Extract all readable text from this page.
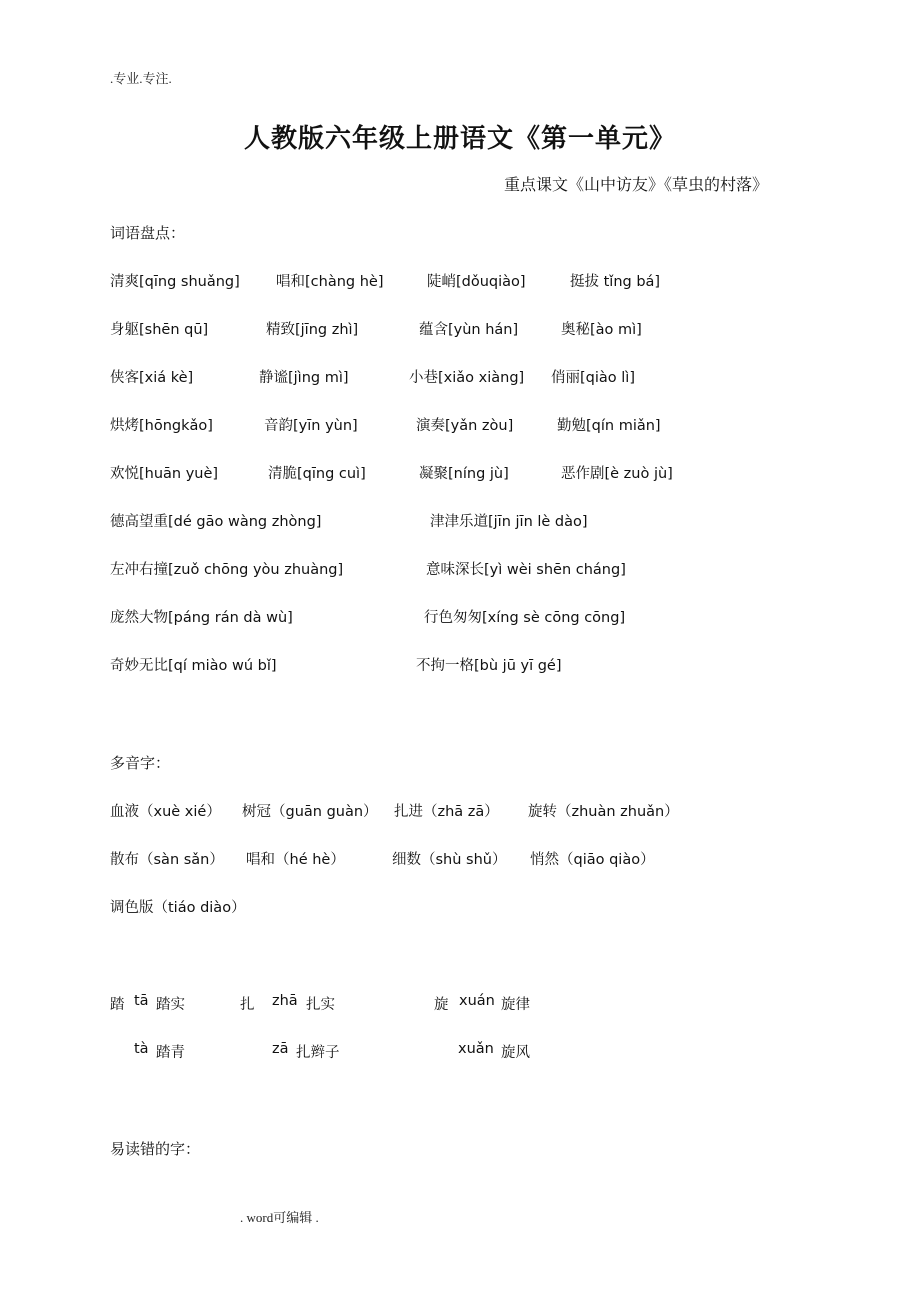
.专业.专注.
人教版六年级上册语文《第一单元》
重点课文《山中访友》《草虫的村落》
词语盘点：
清爽[qīng shuǎng] 唱和[chàng hè]	陡峭[dǒuqiào]	挺拔 tǐng bá]
身躯[shēn qū]	精致[jīng zhì]	蕴含[yùn hán]	奥秘[ào mì]
侠客[xiá kè]	静谧[jìng mì]	小巷[xiǎo xiàng] 俏丽[qiào lì]
烘烤[hōngkǎo]	音韵[yīn yùn]	演奏[yǎn zòu]	勤勉[qín miǎn]
欢悦[huān yuè]	清脆[qīng cuì]	凝聚[níng jù]	恶作剧[è zuò jù]
德高望重[dé gāo wàng zhòng]	津津乐道[jīn jīn lè dào]
左冲右撞[zuǒ chōng yòu zhuàng]	意味深长[yì wèi shēn cháng]
庞然大物[páng rán dà wù]	行色匆匆[xíng sè cōng cōng]
奇妙无比[qí miào wú bǐ]	不拘一格[bù jū yī gé]
多音字：
血液（xuè xié） 树冠（guān guàn） 扎进（zhā zā） 旋转（zhuàn zhuǎn）
散布（sàn sǎn） 唱和（hé hè）	细数（shù shǔ） 悄然（qiāo qiào）
调色版（tiáo diào）
踏 tā 踏实	扎 zhā 扎实	旋 xuán 旋律
tà 踏青	zā 扎辫子	xuǎn 旋风
易读错的字：
. word可编辑 .
